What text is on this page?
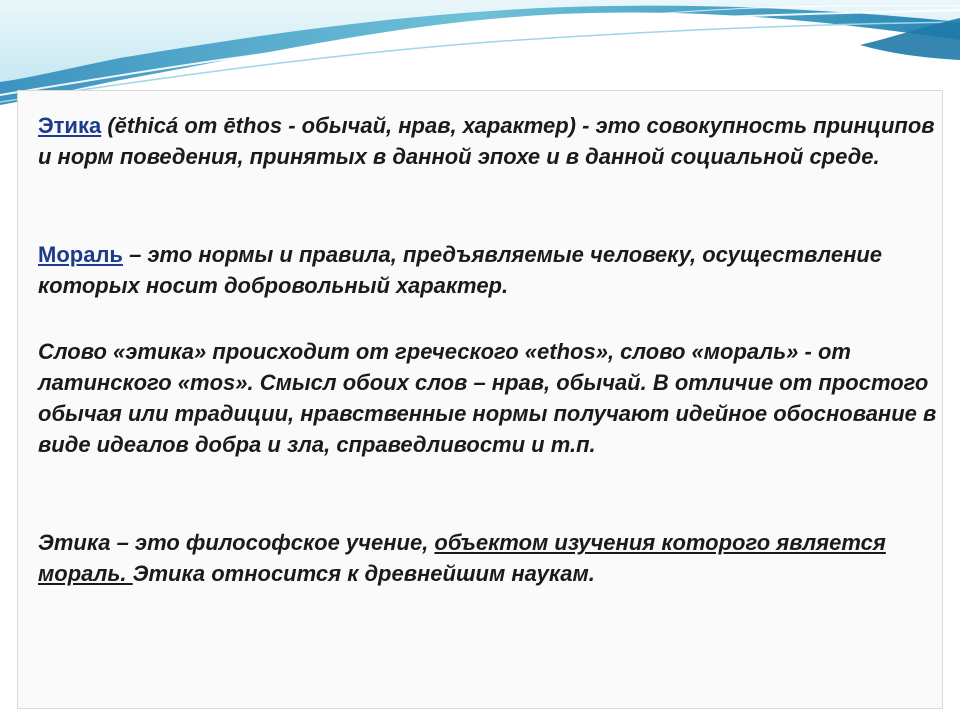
Этика (ĕthicá от ēthos - обычай, нрав, характер) - это совокупность принципов и норм поведения, принятых в данной эпохе и в данной социальной среде.

Мораль – это нормы и правила, предъявляемые человеку, осуществление которых носит добровольный характер.

Слово «этика» происходит от греческого «ethos», слово «мораль» - от латинского «mos». Смысл обоих слов – нрав, обычай. В отличие от простого обычая или традиции, нравственные нормы получают идейное обоснование в виде идеалов добра и зла, справедливости и т.п.

Этика – это философское учение, объектом изучения которого является мораль. Этика относится к древнейшим наукам.
